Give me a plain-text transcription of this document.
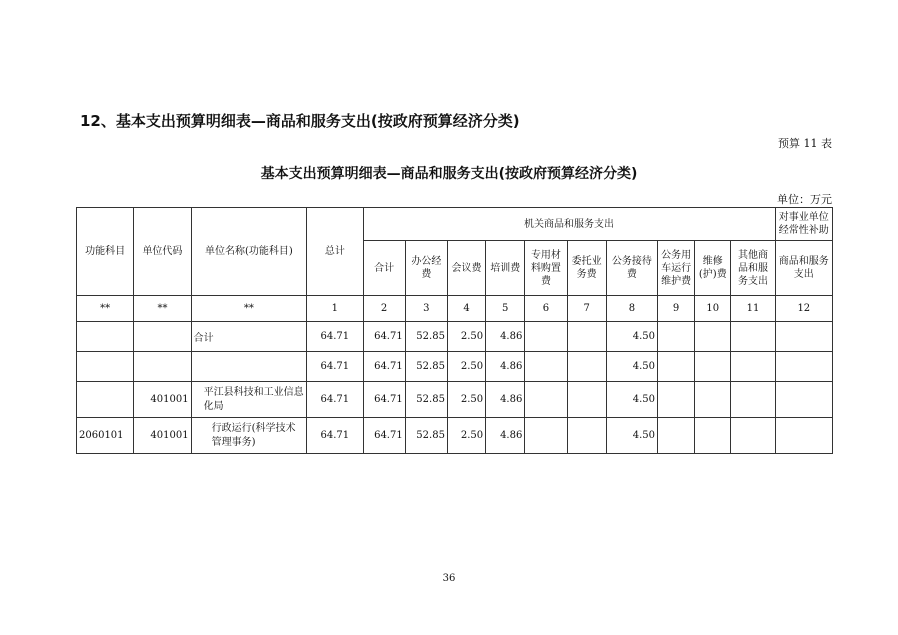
12、基本支出预算明细表—商品和服务支出(按政府预算经济分类)
预算 11 表
基本支出预算明细表—商品和服务支出(按政府预算经济分类)
单位：万元
功能科目	单位代码	单位名称(功能科目)	总计	机关商品和服务支出										对事业单位经常性补助
				合计	办公经费	会议费	培训费	专用材料购置费	委托业务费	公务接待费	公务用车运行维护费	维修(护)费	其他商品和服务支出	商品和服务支出
**	**	**	1	2	3	4	5	6	7	8	9	10	11	12
		合计	64.71	64.71	52.85	2.50	4.86			4.50				
			64.71	64.71	52.85	2.50	4.86			4.50				
	401001	平江县科技和工业信息化局	64.71	64.71	52.85	2.50	4.86			4.50				
2060101	401001	行政运行(科学技术管理事务)	64.71	64.71	52.85	2.50	4.86			4.50				
36
